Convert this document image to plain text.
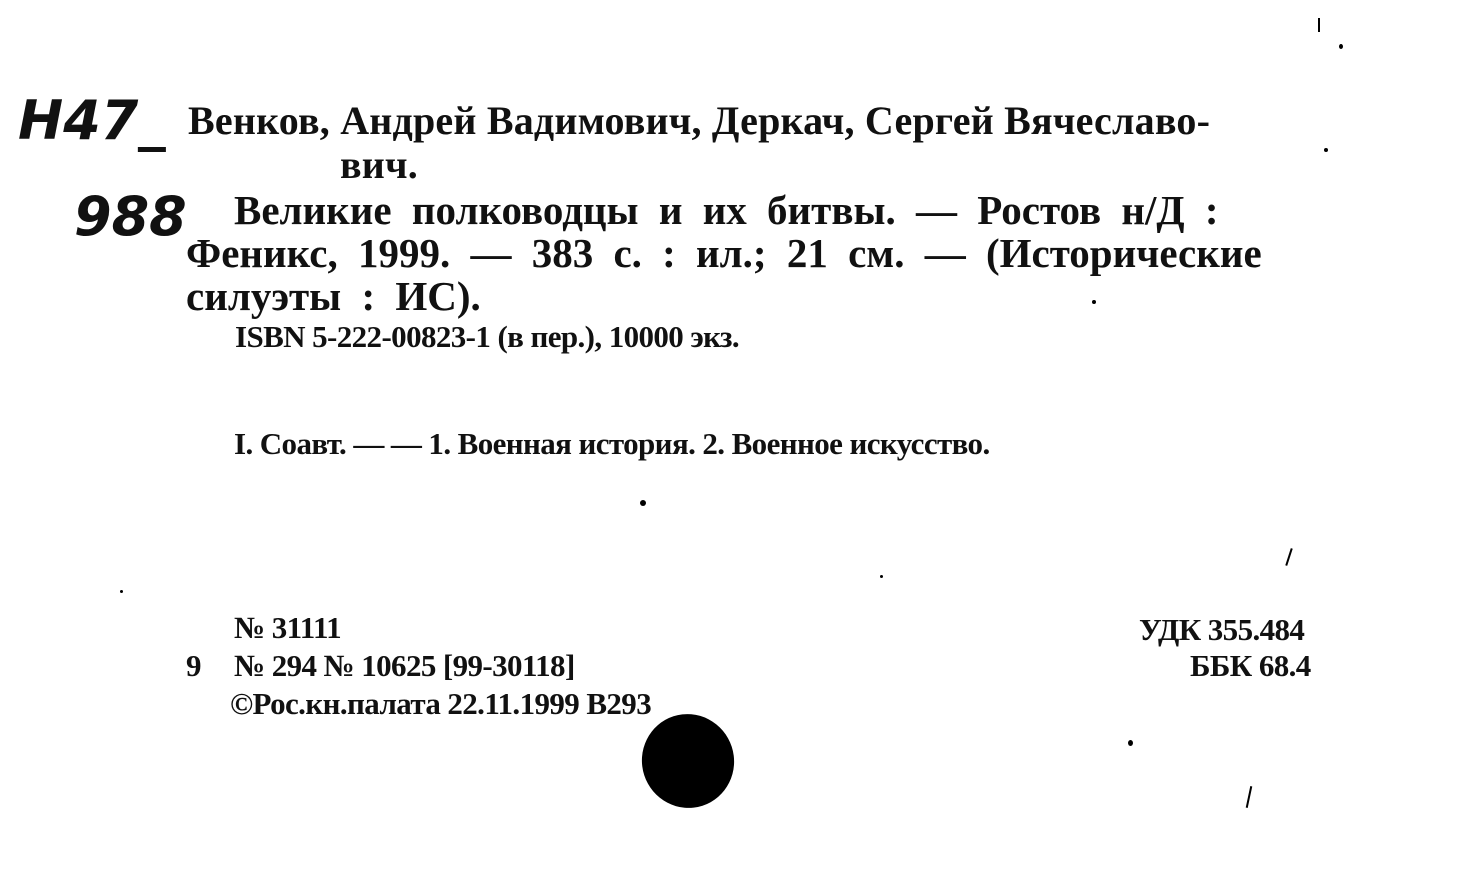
Н47_
988
Венков, Андрей Вадимович, Деркач, Сергей Вячеславо-
вич.
Великие полководцы и их битвы. — Ростов н/Д :
Феникс, 1999. — 383 с. : ил.; 21 см. — (Исторические
силуэты : ИС).
ISBN 5-222-00823-1 (в пер.), 10000 экз.
I. Соавт. — — 1. Военная история. 2. Военное искусство.
№ 31111
9 № 294 № 10625 [99-30118]
©Рос.кн.палата 22.11.1999 В293
УДК 355.484
ББК 68.4
